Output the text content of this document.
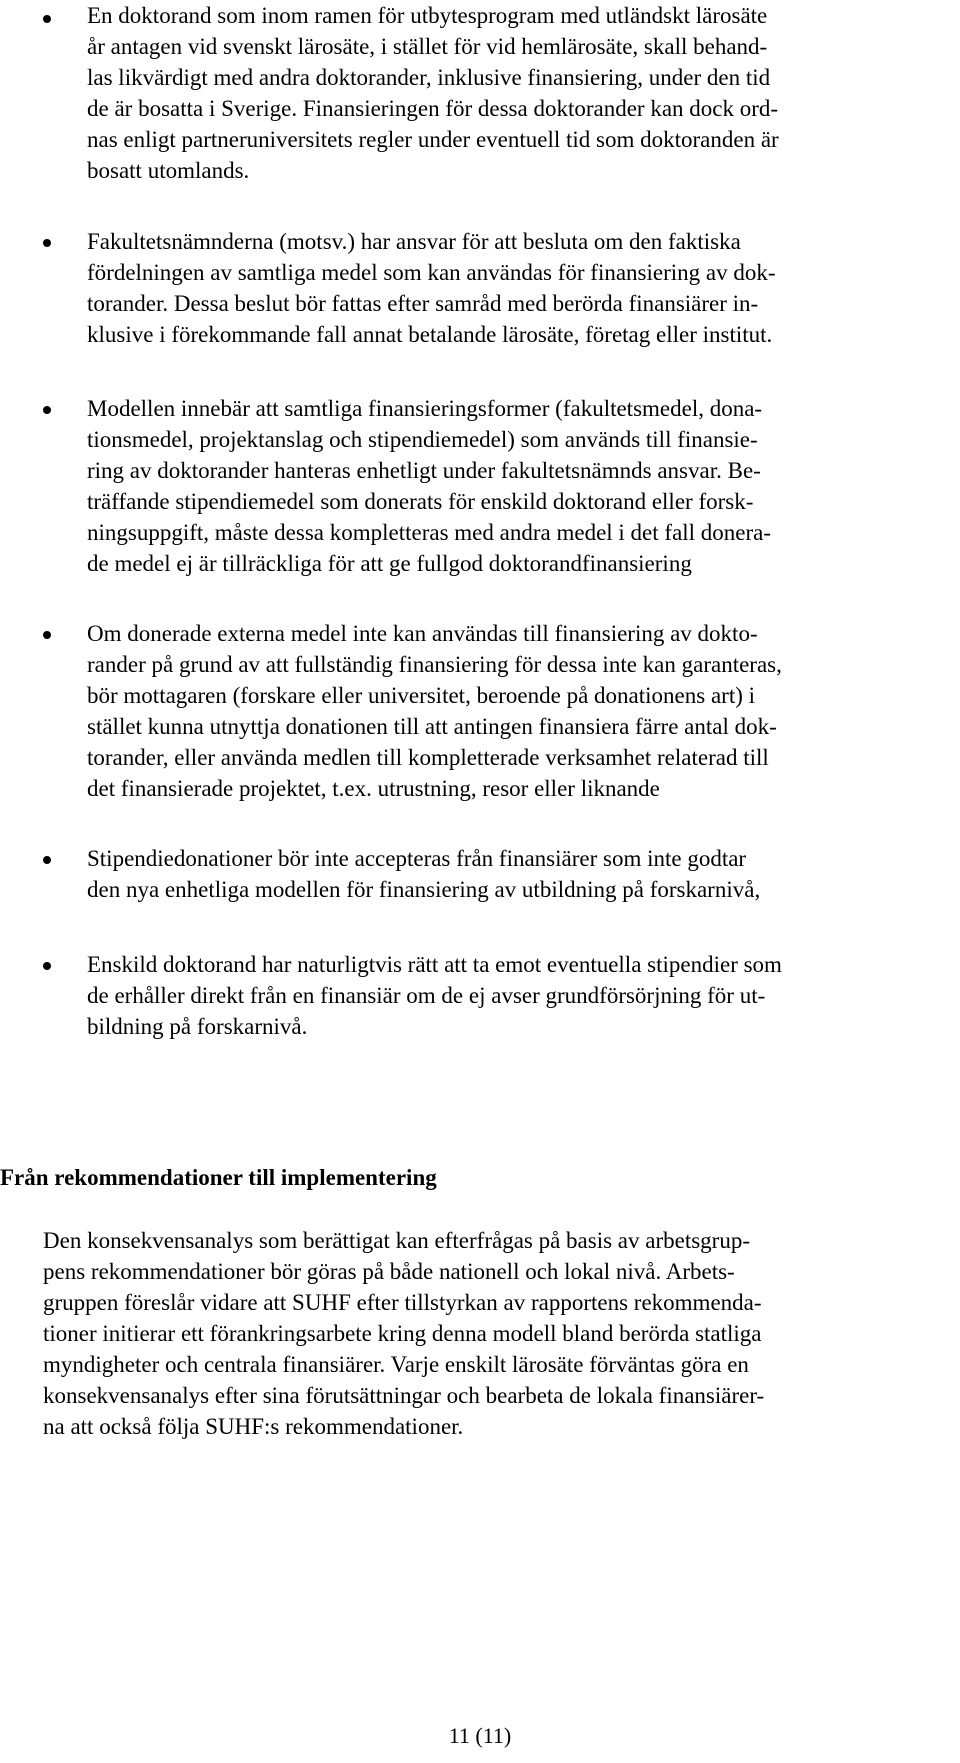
En doktorand som inom ramen för utbytesprogram med utländskt lärosäte
år antagen vid svenskt lärosäte, i stället för vid hemlärosäte, skall behand-
las likvärdigt med andra doktorander, inklusive finansiering, under den tid
de är bosatta i Sverige. Finansieringen för dessa doktorander kan dock ord-
nas enligt partneruniversitets regler under eventuell tid som doktoranden är
bosatt utomlands.

Fakultetsnämnderna (motsv.) har ansvar för att besluta om den faktiska
fördelningen av samtliga medel som kan användas för finansiering av dok-
torander. Dessa beslut bör fattas efter samråd med berörda finansiärer in-
klusive i förekommande fall annat betalande lärosäte, företag eller institut.

Modellen innebär att samtliga finansieringsformer (fakultetsmedel, dona-
tionsmedel, projektanslag och stipendiemedel) som används till finansie-
ring av doktorander hanteras enhetligt under fakultetsnämnds ansvar. Be-
träffande stipendiemedel som donerats för enskild doktorand eller forsk-
ningsuppgift, måste dessa kompletteras med andra medel i det fall donera-
de medel ej är tillräckliga för att ge fullgod doktorandfinansiering

Om donerade externa medel inte kan användas till finansiering av dokto-
rander på grund av att fullständig finansiering för dessa inte kan garanteras,
bör mottagaren (forskare eller universitet, beroende på donationens art) i
stället kunna utnyttja donationen till att antingen finansiera färre antal dok-
torander, eller använda medlen till kompletterade verksamhet relaterad till
det finansierade projektet, t.ex. utrustning, resor eller liknande

Stipendiedonationer bör inte accepteras från finansiärer som inte godtar
den nya enhetliga modellen för finansiering av utbildning på forskarnivå,

Enskild doktorand har naturligtvis rätt att ta emot eventuella stipendier som
de erhåller direkt från en finansiär om de ej avser grundförsörjning för ut-
bildning på forskarnivå.

Från rekommendationer till implementering

Den konsekvensanalys som berättigat kan efterfrågas på basis av arbetsgrup-
pens rekommendationer bör göras på både nationell och lokal nivå. Arbets-
gruppen föreslår vidare att SUHF efter tillstyrkan av rapportens rekommenda-
tioner initierar ett förankringsarbete kring denna modell bland berörda statliga
myndigheter och centrala finansiärer. Varje enskilt lärosäte förväntas göra en
konsekvensanalys efter sina förutsättningar och bearbeta de lokala finansiärer-
na att också följa SUHF:s rekommendationer.

11 (11)
